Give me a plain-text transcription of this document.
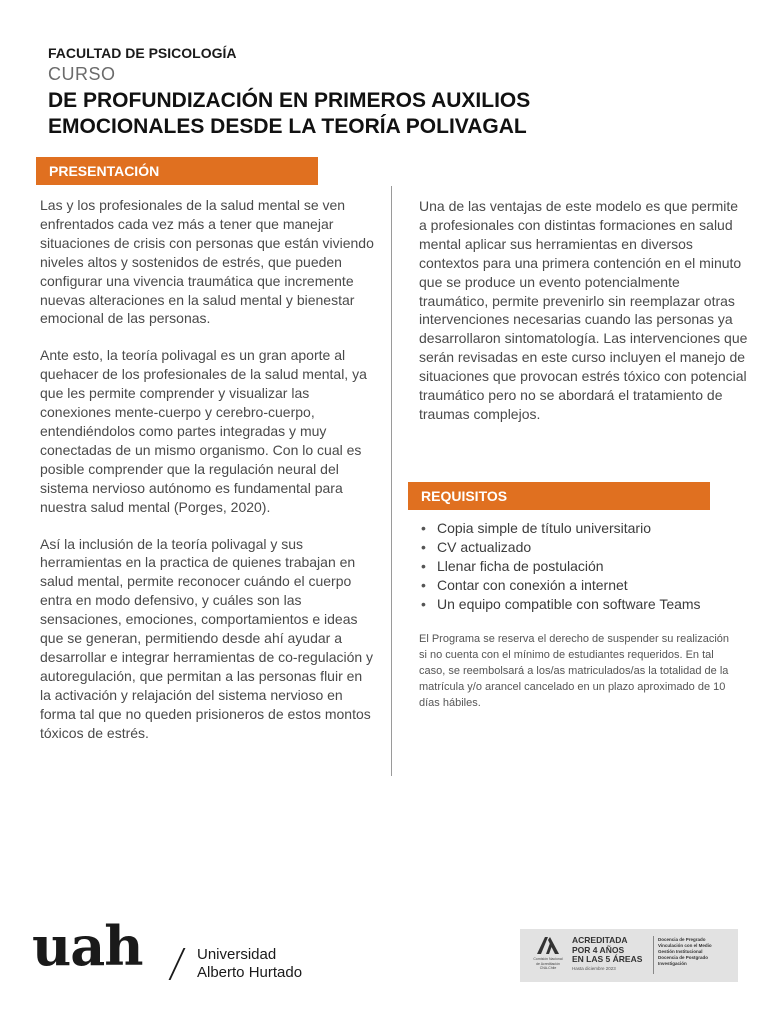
FACULTAD DE PSICOLOGÍA

CURSO

DE PROFUNDIZACIÓN EN PRIMEROS AUXILIOS
EMOCIONALES DESDE LA TEORÍA POLIVAGAL
PRESENTACIÓN

Las y los profesionales de la salud mental se ven enfrentados cada vez más a tener que manejar situaciones de crisis con personas que están viviendo niveles altos y sostenidos de estrés, que pueden configurar una vivencia traumática que incremente nuevas alteraciones en la salud mental y bienestar emocional de las personas.

Ante esto, la teoría polivagal es un gran aporte al quehacer de los profesionales de la salud mental, ya que les permite comprender y visualizar las conexiones mente-cuerpo y cerebro-cuerpo, entendiéndolos como partes integradas y muy conectadas de un mismo organismo. Con lo cual es posible comprender que la regulación neural del sistema nervioso autónomo es fundamental para nuestra salud mental (Porges, 2020).

Así la inclusión de la teoría polivagal y sus herramientas en la practica de quienes trabajan en salud mental, permite reconocer cuándo el cuerpo entra en modo defensivo, y cuáles son las sensaciones, emociones, comportamientos e ideas que se generan, permitiendo desde ahí ayudar a desarrollar e integrar herramientas de co-regulación y autoregulación, que permitan a las personas fluir en la activación y relajación del sistema nervioso en forma tal que no queden prisioneros de estos montos tóxicos de estrés.

Una de las ventajas de este modelo es que permite a profesionales con distintas formaciones en salud mental aplicar sus herramientas en diversos contextos para una primera contención en el minuto que se produce un evento potencialmente traumático, permite prevenirlo sin reemplazar otras intervenciones necesarias cuando las personas ya desarrollaron sintomatología. Las intervenciones que serán revisadas en este curso incluyen el manejo de situaciones que provocan estrés tóxico con potencial traumático pero no se abordará el tratamiento de traumas complejos.

REQUISITOS
• Copia simple de título universitario
• CV actualizado
• Llenar ficha de postulación
• Contar con conexión a internet
• Un equipo compatible con software Teams

El Programa se reserva el derecho de suspender su realización si no cuenta con el mínimo de estudiantes requeridos. En tal caso, se reembolsará a los/as matriculados/as la totalidad de la matrícula y/o arancel cancelado en un plazo aproximado de 10 días hábiles.

uah	Universidad
Alberto Hurtado
Comisión Nacional
de Acreditación
CNA-Chile
ACREDITADA
POR 4 AÑOS
EN LAS 5 ÁREAS
Hasta diciembre 2023
Docencia de Pregrado
Vinculación con el Medio
Gestión Institucional
Docencia de Postgrado
Investigación
